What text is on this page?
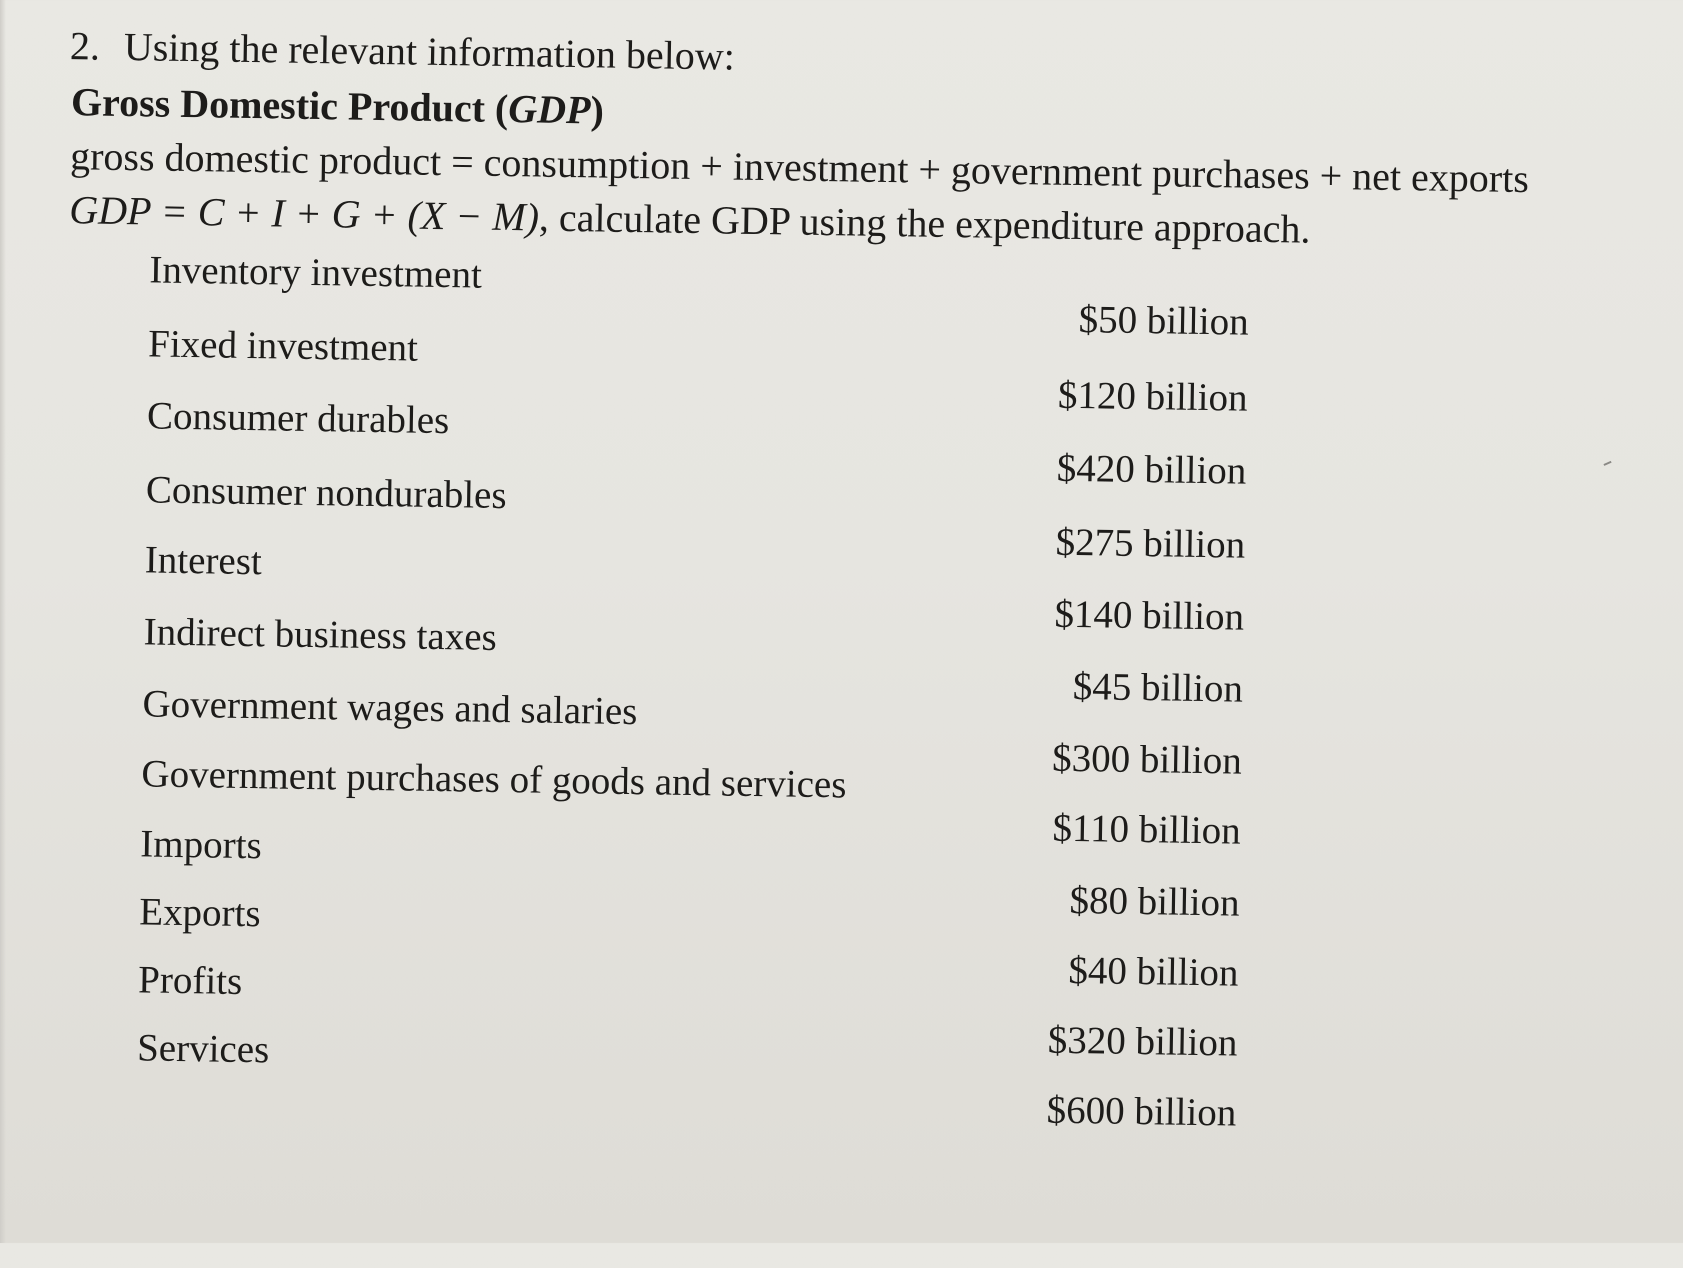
2. Using the relevant information below:
Gross Domestic Product (GDP)
gross domestic product = consumption + investment + government purchases + net exports
GDP = C + I + G + (X − M), calculate GDP using the expenditure approach.
Inventory investment
$50 billion
Fixed investment
$120 billion
Consumer durables
$420 billion
Consumer nondurables
$275 billion
Interest
$140 billion
Indirect business taxes
$45 billion
Government wages and salaries
$300 billion
Government purchases of goods and services
$110 billion
Imports
$80 billion
Exports
$40 billion
Profits
$320 billion
Services
$600 billion
